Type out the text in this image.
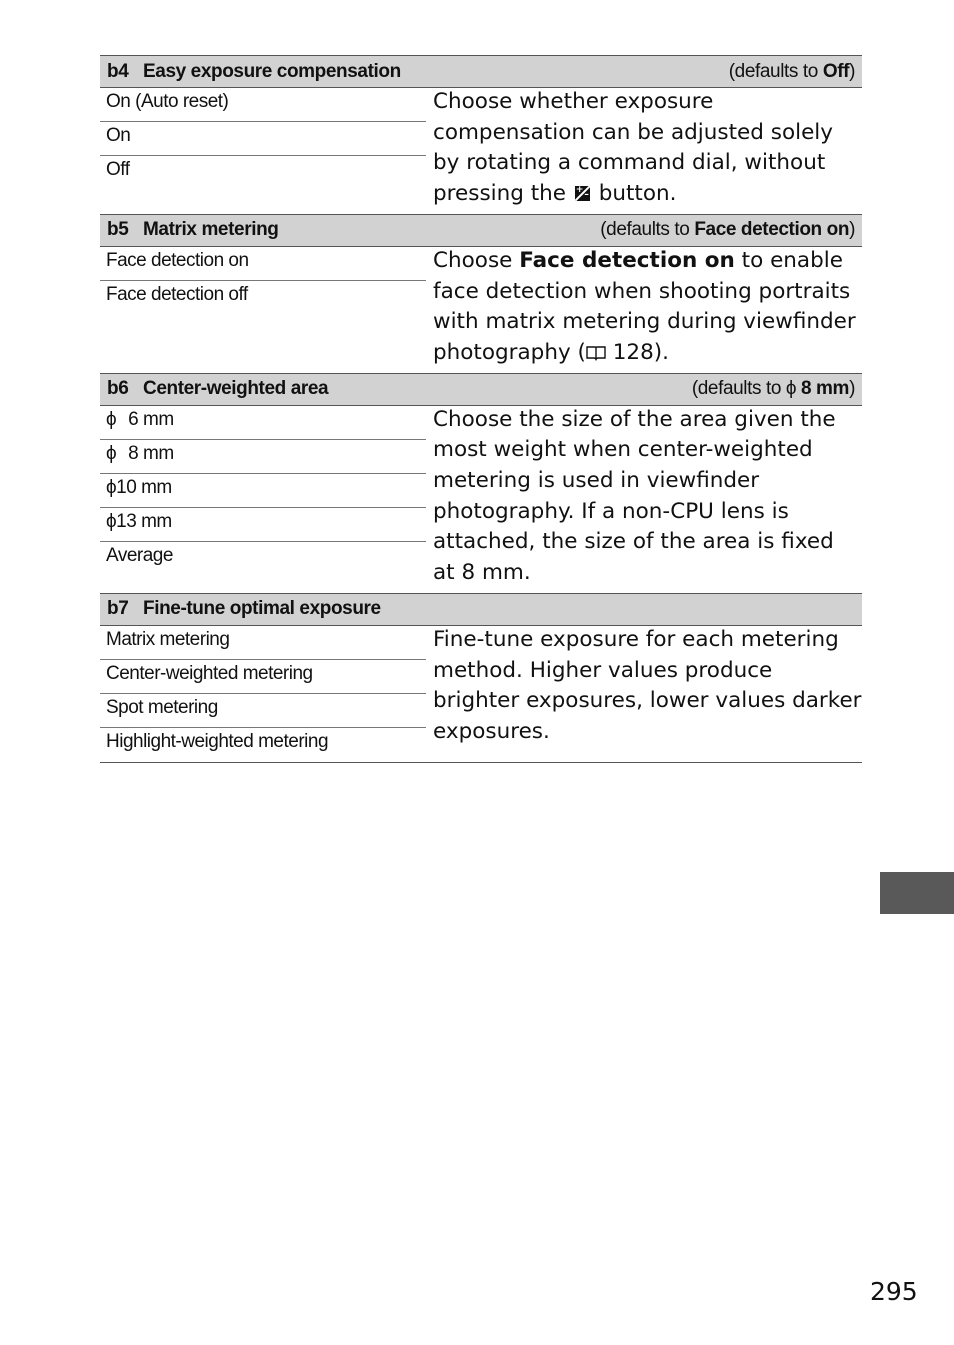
b4 Easy exposure compensation	(defaults to Off)
On (Auto reset)
On
Off
Choose whether exposure compensation can be adjusted solely by rotating a command dial, without pressing the + – button.
b5 Matrix metering	(defaults to Face detection on)
Face detection on
Face detection off
Choose Face detection on to enable face detection when shooting portraits with matrix metering during viewfinder photography ( 128).
b6 Center-weighted area	(defaults to ϕ 8 mm)
ϕ 6 mm
ϕ 8 mm
ϕ10 mm
ϕ13 mm
Average
Choose the size of the area given the most weight when center-weighted metering is used in viewfinder photography. If a non-CPU lens is attached, the size of the area is fixed at 8 mm.
b7 Fine-tune optimal exposure
Matrix metering
Center-weighted metering
Spot metering
Highlight-weighted metering
Fine-tune exposure for each metering method. Higher values produce brighter exposures, lower values darker exposures.
295
